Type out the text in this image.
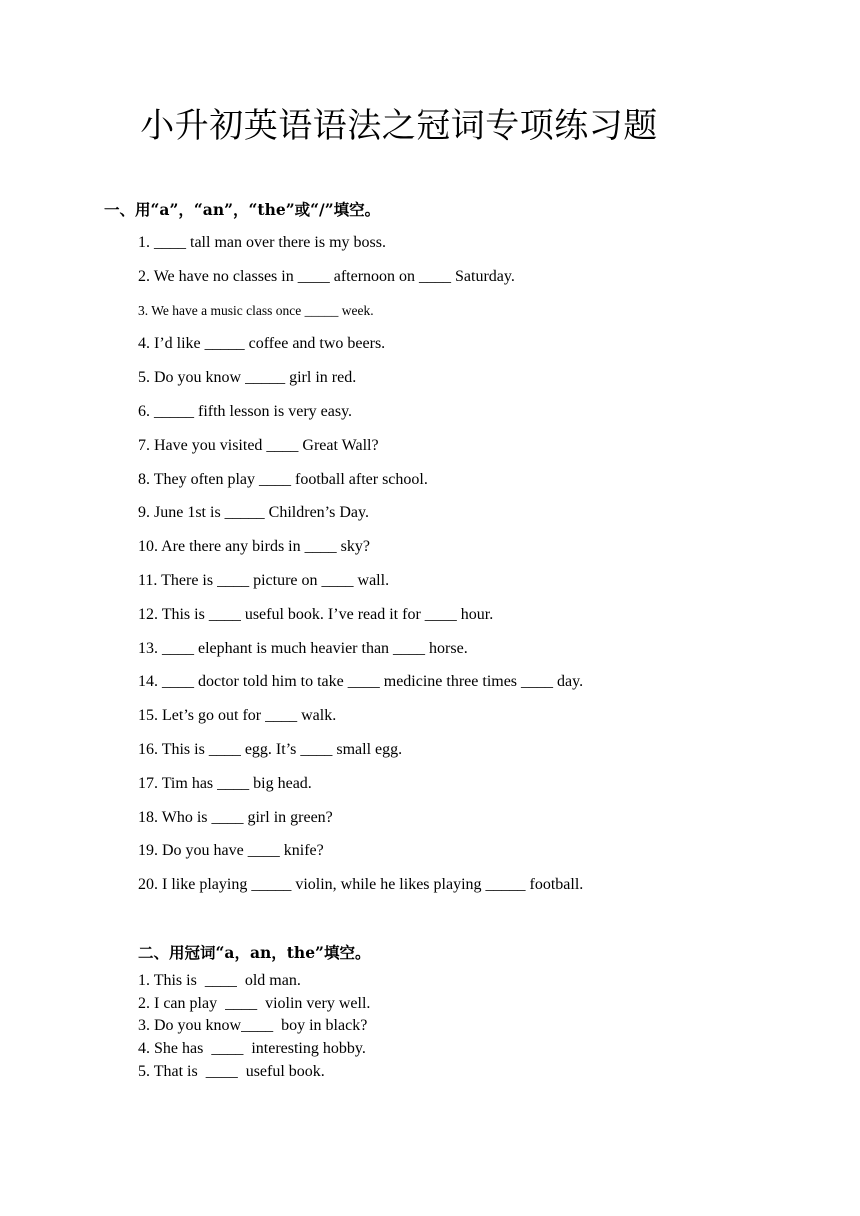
小升初英语语法之冠词专项练习题
一、用“a”，“an”，“the”或“/”填空。
1. ____ tall man over there is my boss.
2. We have no classes in ____ afternoon on ____ Saturday.
3. We have a music class once _____ week.
4. I’d like _____ coffee and two beers.
5. Do you know _____ girl in red.
6. _____ fifth lesson is very easy.
7. Have you visited ____ Great Wall?
8. They often play ____ football after school.
9. June 1st is _____ Children’s Day.
10. Are there any birds in ____ sky?
11. There is ____ picture on ____ wall.
12. This is ____ useful book. I’ve read it for ____ hour.
13. ____ elephant is much heavier than ____ horse.
14. ____ doctor told him to take ____ medicine three times ____ day.
15. Let’s go out for ____ walk.
16. This is ____ egg. It’s ____ small egg.
17. Tim has ____ big head.
18. Who is ____ girl in green?
19. Do you have ____ knife?
20. I like playing _____ violin, while he likes playing _____ football.
二、用冠词“a，an，the”填空。
1. This is  ____  old man.
2. I can play  ____  violin very well.
3. Do you know____  boy in black?
4. She has  ____  interesting hobby.
5. That is  ____  useful book.
